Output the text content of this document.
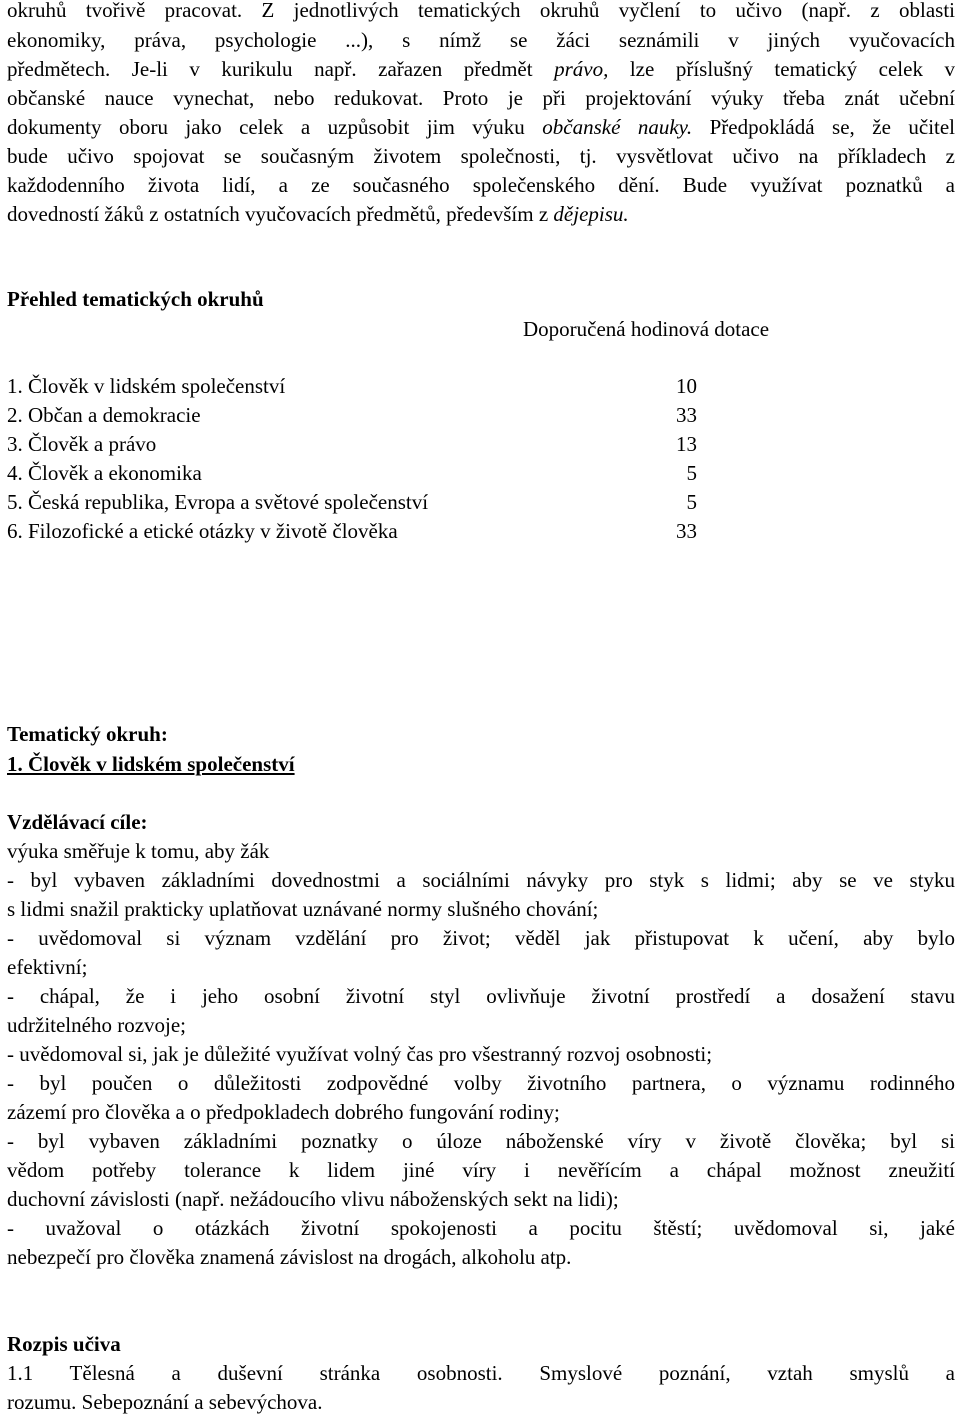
okruhů tvořivě pracovat. Z jednotlivých tematických okruhů vyčlení to učivo (např. z oblasti
ekonomiky, práva, psychologie ...), s nímž se žáci seznámili v jiných vyučovacích
předmětech. Je-li v kurikulu např. zařazen předmět právo, lze příslušný tematický celek v
občanské nauce vynechat, nebo redukovat. Proto je při projektování výuky třeba znát učební
dokumenty oboru jako celek a uzpůsobit jim výuku občanské nauky. Předpokládá se, že učitel
bude učivo spojovat se současným životem společnosti, tj. vysvětlovat učivo na příkladech z
každodenního života lidí, a ze současného společenského dění. Bude využívat poznatků a
dovedností žáků z ostatních vyučovacích předmětů, především z dějepisu.
Přehled tematických okruhů
Doporučená hodinová dotace
1. Člověk v lidském společenství	10
2. Občan a demokracie	33
3. Člověk a právo	13
4. Člověk a ekonomika	5
5. Česká republika, Evropa a světové společenství	5
6. Filozofické a etické otázky v životě člověka	33
Tematický okruh:
1. Člověk v lidském společenství
Vzdělávací cíle:
výuka směřuje k tomu, aby žák
- byl vybaven základními dovednostmi a sociálními návyky pro styk s lidmi; aby se ve styku
s lidmi snažil prakticky uplatňovat uznávané normy slušného chování;
- uvědomoval si význam vzdělání pro život; věděl jak přistupovat k učení, aby bylo
efektivní;
- chápal, že i jeho osobní životní styl ovlivňuje životní prostředí a dosažení stavu
udržitelného rozvoje;
- uvědomoval si, jak je důležité využívat volný čas pro všestranný rozvoj osobnosti;
- byl poučen o důležitosti zodpovědné volby životního partnera, o významu rodinného
zázemí pro člověka a o předpokladech dobrého fungování rodiny;
- byl vybaven základními poznatky o úloze náboženské víry v životě člověka; byl si
vědom potřeby tolerance k lidem jiné víry i nevěřícím a chápal možnost zneužití
duchovní závislosti (např. nežádoucího vlivu náboženských sekt na lidi);
- uvažoval o otázkách životní spokojenosti a pocitu štěstí; uvědomoval si, jaké
nebezpečí pro člověka znamená závislost na drogách, alkoholu atp.
Rozpis učiva
1.1 Tělesná a duševní stránka osobnosti. Smyslové poznání, vztah smyslů a
rozumu. Sebepoznání a sebevýchova.
